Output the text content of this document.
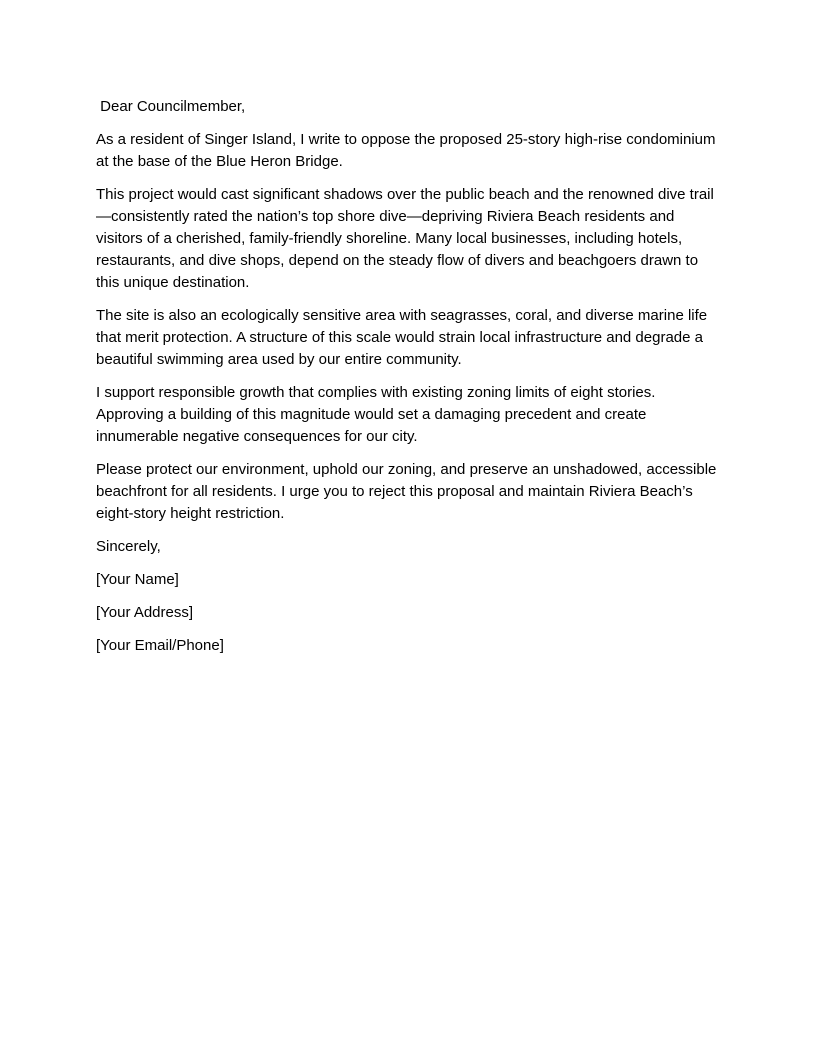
Dear Councilmember,

As a resident of Singer Island, I write to oppose the proposed 25-story high-rise condominium at the base of the Blue Heron Bridge.

This project would cast significant shadows over the public beach and the renowned dive trail—consistently rated the nation’s top shore dive—depriving Riviera Beach residents and visitors of a cherished, family-friendly shoreline. Many local businesses, including hotels, restaurants, and dive shops, depend on the steady flow of divers and beachgoers drawn to this unique destination.

The site is also an ecologically sensitive area with seagrasses, coral, and diverse marine life that merit protection. A structure of this scale would strain local infrastructure and degrade a beautiful swimming area used by our entire community.

I support responsible growth that complies with existing zoning limits of eight stories. Approving a building of this magnitude would set a damaging precedent and create innumerable negative consequences for our city.

Please protect our environment, uphold our zoning, and preserve an unshadowed, accessible beachfront for all residents. I urge you to reject this proposal and maintain Riviera Beach’s eight-story height restriction.

Sincerely,

[Your Name]

[Your Address]

[Your Email/Phone]
